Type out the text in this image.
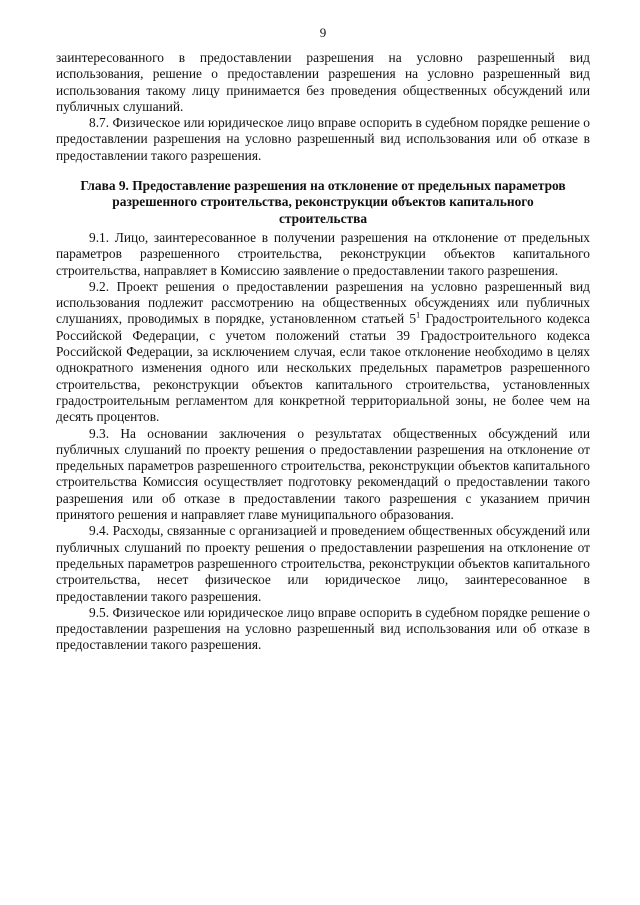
9

заинтересованного в предоставлении разрешения на условно разрешенный вид использования, решение о предоставлении разрешения на условно разрешенный вид использования такому лицу принимается без проведения общественных обсуждений или публичных слушаний.

8.7. Физическое или юридическое лицо вправе оспорить в судебном порядке решение о предоставлении разрешения на условно разрешенный вид использования или об отказе в предоставлении такого разрешения.

Глава 9. Предоставление разрешения на отклонение от предельных параметров разрешенного строительства, реконструкции объектов капитального строительства

9.1. Лицо, заинтересованное в получении разрешения на отклонение от предельных параметров разрешенного строительства, реконструкции объектов капитального строительства, направляет в Комиссию заявление о предоставлении такого разрешения.

9.2. Проект решения о предоставлении разрешения на условно разрешенный вид использования подлежит рассмотрению на общественных обсуждениях или публичных слушаниях, проводимых в порядке, установленном статьей $5^1$ Градостроительного кодекса Российской Федерации, с учетом положений статьи 39 Градостроительного кодекса Российской Федерации, за исключением случая, если такое отклонение необходимо в целях однократного изменения одного или нескольких предельных параметров разрешенного строительства, реконструкции объектов капитального строительства, установленных градостроительным регламентом для конкретной территориальной зоны, не более чем на десять процентов.

9.3. На основании заключения о результатах общественных обсуждений или публичных слушаний по проекту решения о предоставлении разрешения на отклонение от предельных параметров разрешенного строительства, реконструкции объектов капитального строительства Комиссия осуществляет подготовку рекомендаций о предоставлении такого разрешения или об отказе в предоставлении такого разрешения с указанием причин принятого решения и направляет главе муниципального образования.

9.4. Расходы, связанные с организацией и проведением общественных обсуждений или публичных слушаний по проекту решения о предоставлении разрешения на отклонение от предельных параметров разрешенного строительства, реконструкции объектов капитального строительства, несет физическое или юридическое лицо, заинтересованное в предоставлении такого разрешения.

9.5. Физическое или юридическое лицо вправе оспорить в судебном порядке решение о предоставлении разрешения на условно разрешенный вид использования или об отказе в предоставлении такого разрешения.
